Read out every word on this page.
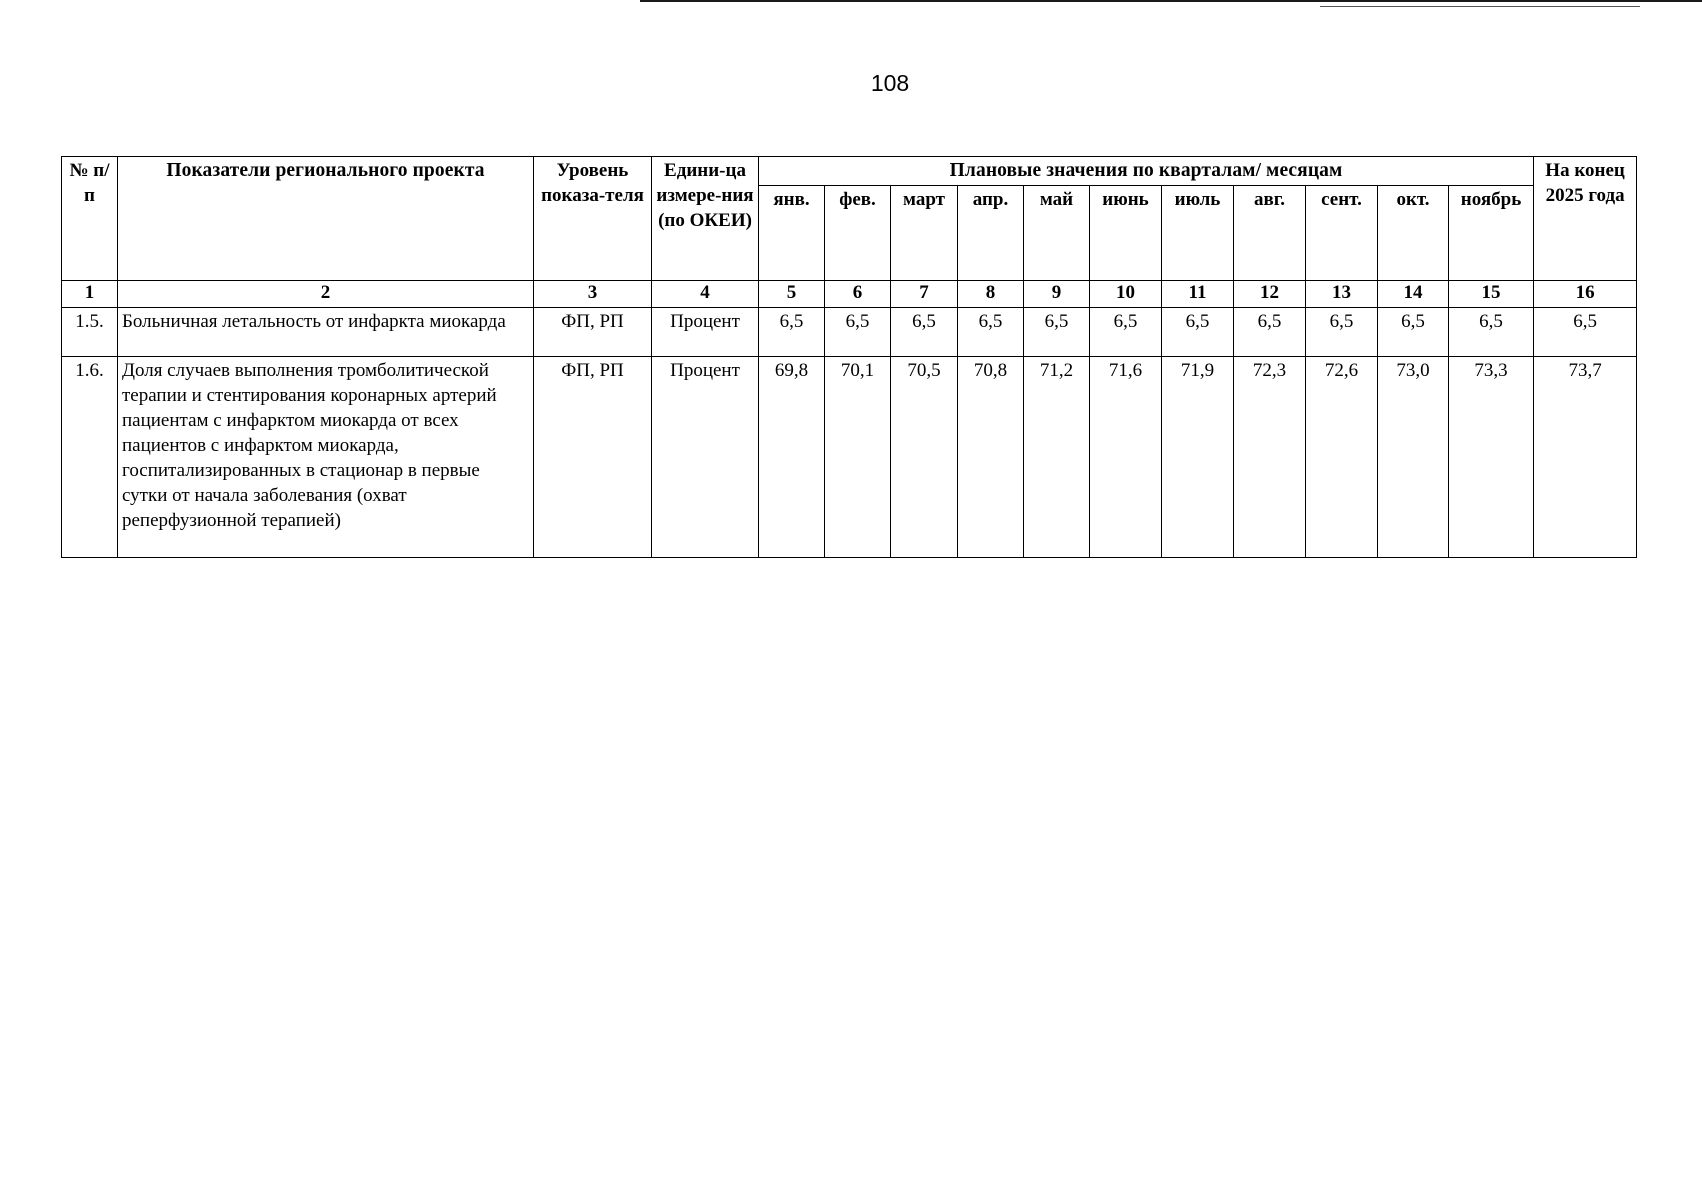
108
№ п/п	Показатели регионального проекта	Уровень показа-теля	Едини-ца измере-ния (по ОКЕИ)	Плановые значения по кварталам/ месяцам											На конец 2025 года
				янв.	фев.	март	апр.	май	июнь	июль	авг.	сент.	окт.	ноябрь	
1	2	3	4	5	6	7	8	9	10	11	12	13	14	15	16
1.5.	Больничная летальность от инфаркта миокарда	ФП, РП	Процент	6,5	6,5	6,5	6,5	6,5	6,5	6,5	6,5	6,5	6,5	6,5	6,5
1.6.	Доля случаев выполнения тромболитической терапии и стентирования коронарных артерий пациентам с инфарктом миокарда от всех пациентов с инфарктом миокарда, госпитализированных в стационар в первые сутки от начала заболевания (охват реперфузионной терапией)	ФП, РП	Процент	69,8	70,1	70,5	70,8	71,2	71,6	71,9	72,3	72,6	73,0	73,3	73,7
